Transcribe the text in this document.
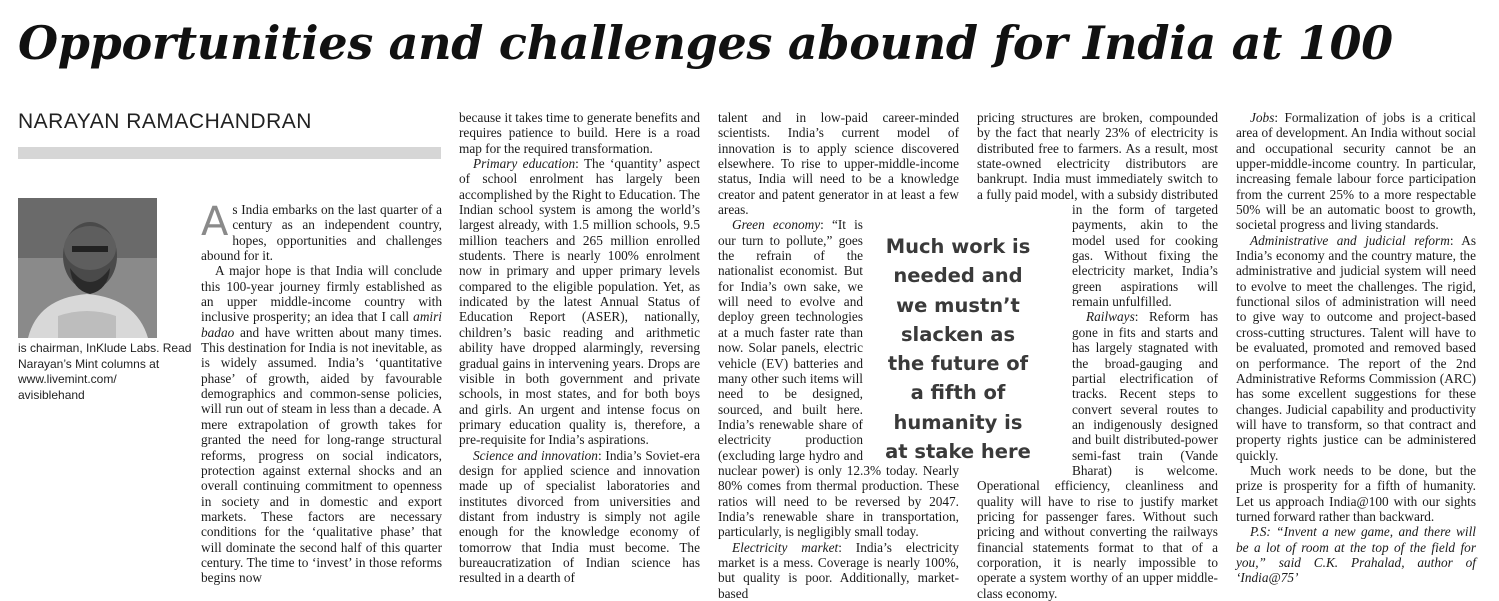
Opportunities and challenges abound for India at 100
NARAYAN RAMACHANDRAN
is chairman, InKlude Labs. Read
Narayan’s Mint columns at
www.livemint.com/
avisiblehand

As India embarks on the last quarter of a century as an independent country, hopes, opportunities and challenges abound for it.

A major hope is that India will conclude this 100-year journey firmly established as an upper middle-income country with inclusive prosperity; an idea that I call amiri badao and have written about many times. This destination for India is not inevitable, as is widely assumed. India’s ‘quantitative phase’ of growth, aided by favourable demographics and common-sense policies, will run out of steam in less than a decade. A mere extrapolation of growth takes for granted the need for long-range structural reforms, progress on social indicators, protection against external shocks and an overall continuing commitment to openness in society and in domestic and export markets. These factors are necessary conditions for the ‘qualitative phase’ that will dominate the second half of this quarter century. The time to ‘invest’ in those reforms begins now

because it takes time to generate benefits and requires patience to build. Here is a road map for the required transformation.

Primary education: The ‘quantity’ aspect of school enrolment has largely been accomplished by the Right to Education. The Indian school system is among the world’s largest already, with 1.5 million schools, 9.5 million teachers and 265 million enrolled students. There is nearly 100% enrolment now in primary and upper primary levels compared to the eligible population. Yet, as indicated by the latest Annual Status of Education Report (ASER), nationally, children’s basic reading and arithmetic ability have dropped alarmingly, reversing gradual gains in intervening years. Drops are visible in both government and private schools, in most states, and for both boys and girls. An urgent and intense focus on primary education quality is, therefore, a pre-requisite for India’s aspirations.

Science and innovation: India’s Soviet-era design for applied science and innovation made up of specialist laboratories and institutes divorced from universities and distant from industry is simply not agile enough for the knowledge economy of tomorrow that India must become. The bureaucratization of Indian science has resulted in a dearth of

talent and in low-paid career-minded scientists. India’s current model of innovation is to apply science discovered elsewhere. To rise to upper-middle-income status, India will need to be a knowledge creator and patent generator in at least a few areas.

Green economy: “It is our turn to pollute,” goes the refrain of the nationalist economist. But for India’s own sake, we will need to evolve and deploy green technologies at a much faster rate than now. Solar panels, electric vehicle (EV) batteries and many other such items will need to be designed, sourced, and built here. India’s renewable share of electricity production (excluding large hydro and nuclear power) is only 12.3% today. Nearly 80% comes from thermal production. These ratios will need to be reversed by 2047. India’s renewable share in transportation, particularly, is negligibly small today.

Electricity market: India’s electricity market is a mess. Coverage is nearly 100%, but quality is poor. Additionally, market-based

pricing structures are broken, compounded by the fact that nearly 23% of electricity is distributed free to farmers. As a result, most state-owned electricity distributors are bankrupt. India must immediately switch to a fully paid model, with a subsidy distributed in the form of targeted payments, akin to the model used for cooking gas. Without fixing the electricity market, India’s green aspirations will remain unfulfilled.

Railways: Reform has gone in fits and starts and has largely stagnated with the broad-gauging and partial electrification of tracks. Recent steps to convert several routes to an indigenously designed and built distributed-power semi-fast train (Vande Bharat) is welcome. Operational efficiency, cleanliness and quality will have to rise to justify market pricing for passenger fares. Without such pricing and without converting the railways financial statements format to that of a corporation, it is nearly impossible to operate a system worthy of an upper middle-class economy.

Much work is needed and we mustn’t slacken as the future of a fifth of humanity is at stake here

Jobs: Formalization of jobs is a critical area of development. An India without social and occupational security cannot be an upper-middle-income country. In particular, increasing female labour force participation from the current 25% to a more respectable 50% will be an automatic boost to growth, societal progress and living standards.

Administrative and judicial reform: As India’s economy and the country mature, the administrative and judicial system will need to evolve to meet the challenges. The rigid, functional silos of administration will need to give way to outcome and project-based cross-cutting structures. Talent will have to be evaluated, promoted and removed based on performance. The report of the 2nd Administrative Reforms Commission (ARC) has some excellent suggestions for these changes. Judicial capability and productivity will have to transform, so that contract and property rights justice can be administered quickly.

Much work needs to be done, but the prize is prosperity for a fifth of humanity. Let us approach India@100 with our sights turned forward rather than backward.

P.S: “Invent a new game, and there will be a lot of room at the top of the field for you,” said C.K. Prahalad, author of ‘India@75’
